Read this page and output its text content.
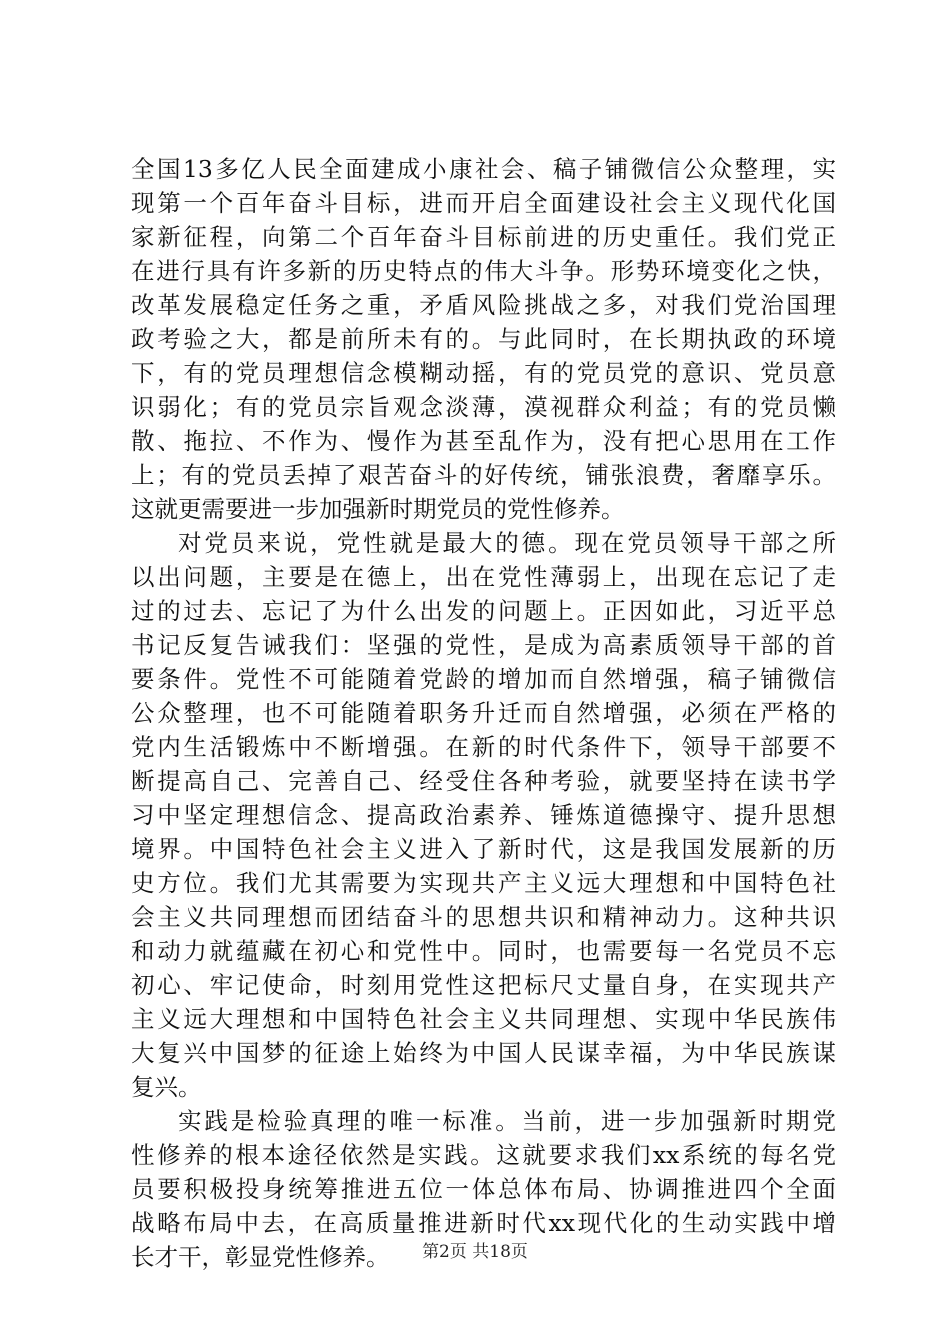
全国13多亿人民全面建成小康社会、稿子铺微信公众整理，实
现第一个百年奋斗目标，进而开启全面建设社会主义现代化国
家新征程，向第二个百年奋斗目标前进的历史重任。我们党正
在进行具有许多新的历史特点的伟大斗争。形势环境变化之快，
改革发展稳定任务之重，矛盾风险挑战之多，对我们党治国理
政考验之大，都是前所未有的。与此同时，在长期执政的环境
下，有的党员理想信念模糊动摇，有的党员党的意识、党员意
识弱化；有的党员宗旨观念淡薄，漠视群众利益；有的党员懒
散、拖拉、不作为、慢作为甚至乱作为，没有把心思用在工作
上；有的党员丢掉了艰苦奋斗的好传统，铺张浪费，奢靡享乐。
这就更需要进一步加强新时期党员的党性修养。
对党员来说，党性就是最大的德。现在党员领导干部之所
以出问题，主要是在德上，出在党性薄弱上，出现在忘记了走
过的过去、忘记了为什么出发的问题上。正因如此，习近平总
书记反复告诫我们：坚强的党性，是成为高素质领导干部的首
要条件。党性不可能随着党龄的增加而自然增强，稿子铺微信
公众整理，也不可能随着职务升迁而自然增强，必须在严格的
党内生活锻炼中不断增强。在新的时代条件下，领导干部要不
断提高自己、完善自己、经受住各种考验，就要坚持在读书学
习中坚定理想信念、提高政治素养、锤炼道德操守、提升思想
境界。中国特色社会主义进入了新时代，这是我国发展新的历
史方位。我们尤其需要为实现共产主义远大理想和中国特色社
会主义共同理想而团结奋斗的思想共识和精神动力。这种共识
和动力就蕴藏在初心和党性中。同时，也需要每一名党员不忘
初心、牢记使命，时刻用党性这把标尺丈量自身，在实现共产
主义远大理想和中国特色社会主义共同理想、实现中华民族伟
大复兴中国梦的征途上始终为中国人民谋幸福，为中华民族谋
复兴。
实践是检验真理的唯一标准。当前，进一步加强新时期党
性修养的根本途径依然是实践。这就要求我们xx系统的每名党
员要积极投身统筹推进五位一体总体布局、协调推进四个全面
战略布局中去，在高质量推进新时代xx现代化的生动实践中增
长才干，彰显党性修养。	第2页 共18页
